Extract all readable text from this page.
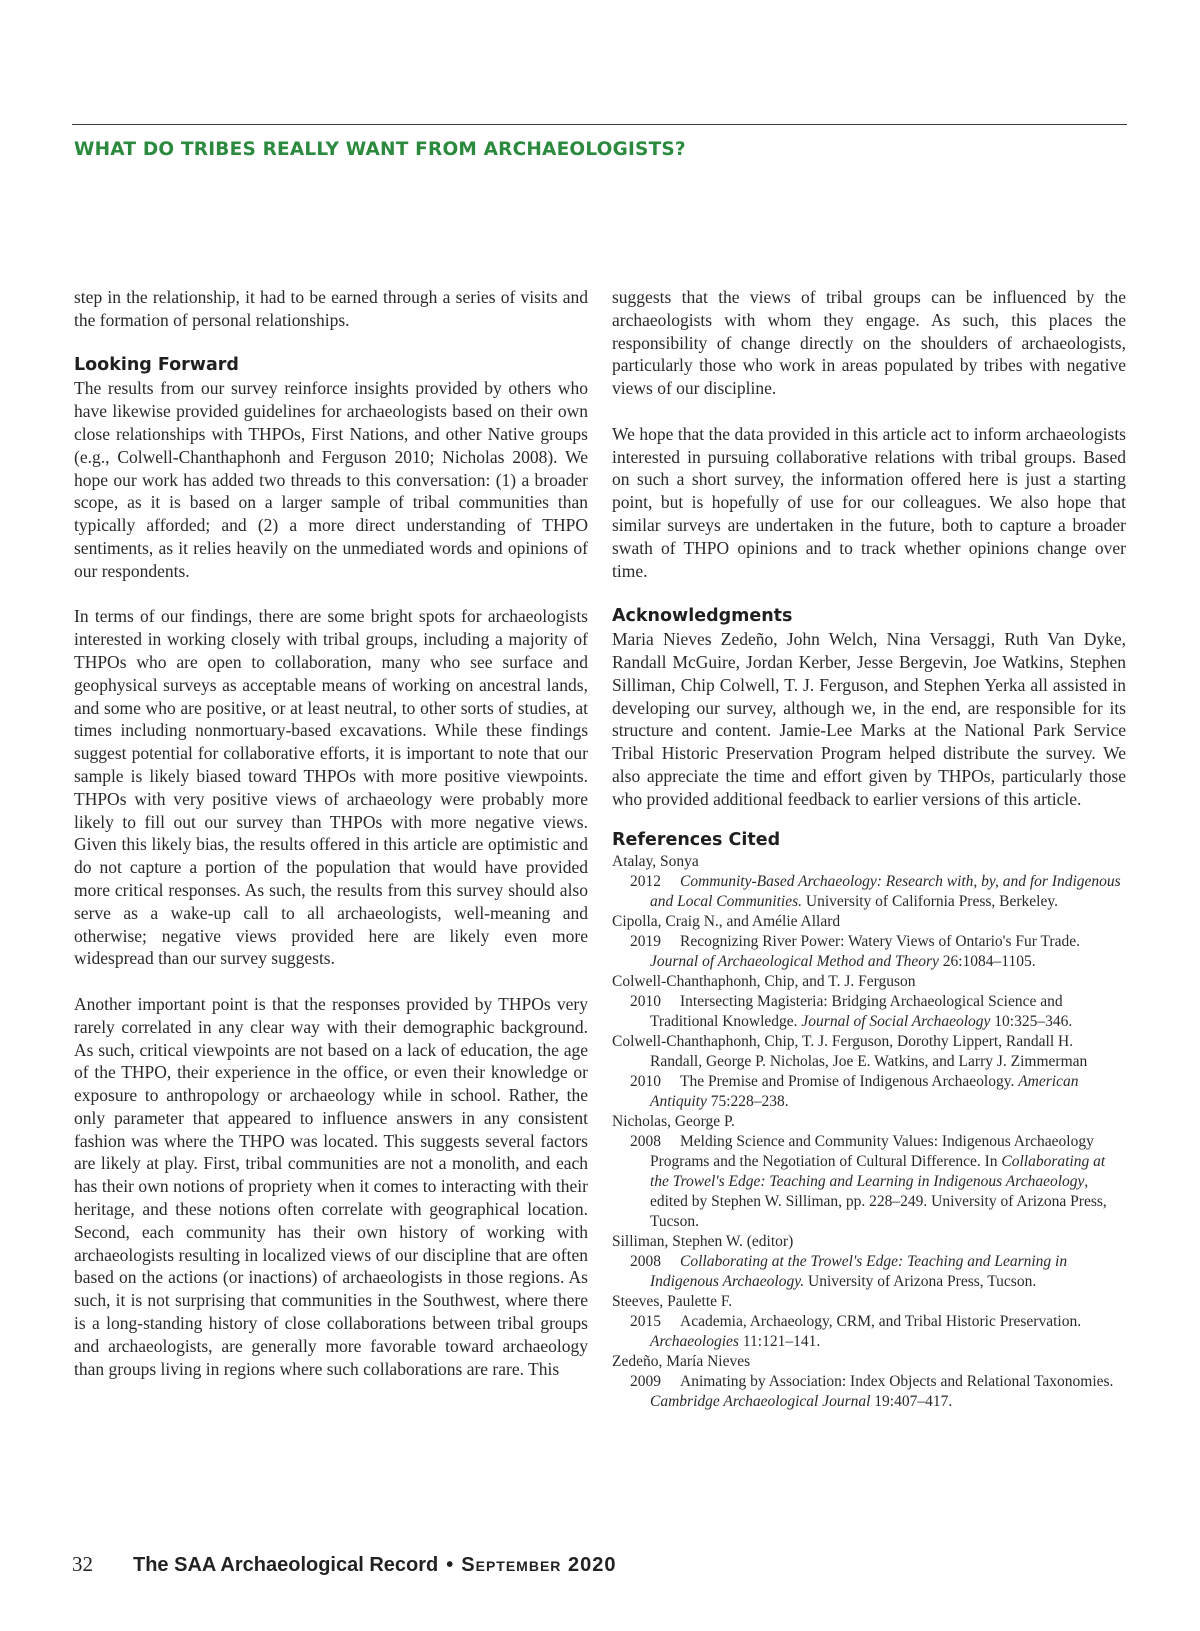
WHAT DO TRIBES REALLY WANT FROM ARCHAEOLOGISTS?

step in the relationship, it had to be earned through a series of visits and the formation of personal relationships.

Looking Forward

The results from our survey reinforce insights provided by others who have likewise provided guidelines for archaeologists based on their own close relationships with THPOs, First Nations, and other Native groups (e.g., Colwell-Chanthaphonh and Ferguson 2010; Nicholas 2008). We hope our work has added two threads to this conversation: (1) a broader scope, as it is based on a larger sample of tribal communities than typically afforded; and (2) a more direct understanding of THPO sentiments, as it relies heavily on the unmediated words and opinions of our respondents.

In terms of our findings, there are some bright spots for archaeologists interested in working closely with tribal groups, including a majority of THPOs who are open to collaboration, many who see surface and geophysical surveys as acceptable means of working on ancestral lands, and some who are positive, or at least neutral, to other sorts of studies, at times including nonmortuary-based excavations. While these findings suggest potential for collaborative efforts, it is important to note that our sample is likely biased toward THPOs with more positive viewpoints. THPOs with very positive views of archaeology were probably more likely to fill out our survey than THPOs with more negative views. Given this likely bias, the results offered in this article are optimistic and do not capture a portion of the population that would have provided more critical responses. As such, the results from this survey should also serve as a wake-up call to all archaeologists, well-meaning and otherwise; negative views provided here are likely even more widespread than our survey suggests.

Another important point is that the responses provided by THPOs very rarely correlated in any clear way with their demographic background. As such, critical viewpoints are not based on a lack of education, the age of the THPO, their experience in the office, or even their knowledge or exposure to anthropology or archaeology while in school. Rather, the only parameter that appeared to influence answers in any consistent fashion was where the THPO was located. This suggests several factors are likely at play. First, tribal communities are not a monolith, and each has their own notions of propriety when it comes to interacting with their heritage, and these notions often correlate with geographical location. Second, each community has their own history of working with archaeologists resulting in localized views of our discipline that are often based on the actions (or inactions) of archaeologists in those regions. As such, it is not surprising that communities in the Southwest, where there is a long-standing history of close collaborations between tribal groups and archaeologists, are generally more favorable toward archaeology than groups living in regions where such collaborations are rare. This

suggests that the views of tribal groups can be influenced by the archaeologists with whom they engage. As such, this places the responsibility of change directly on the shoulders of archaeologists, particularly those who work in areas populated by tribes with negative views of our discipline.

We hope that the data provided in this article act to inform archaeologists interested in pursuing collaborative relations with tribal groups. Based on such a short survey, the information offered here is just a starting point, but is hopefully of use for our colleagues. We also hope that similar surveys are undertaken in the future, both to capture a broader swath of THPO opinions and to track whether opinions change over time.

Acknowledgments

Maria Nieves Zedeño, John Welch, Nina Versaggi, Ruth Van Dyke, Randall McGuire, Jordan Kerber, Jesse Bergevin, Joe Watkins, Stephen Silliman, Chip Colwell, T. J. Ferguson, and Stephen Yerka all assisted in developing our survey, although we, in the end, are responsible for its structure and content. Jamie-Lee Marks at the National Park Service Tribal Historic Preservation Program helped distribute the survey. We also appreciate the time and effort given by THPOs, particularly those who provided additional feedback to earlier versions of this article.

References Cited
Atalay, Sonya
2012 Community-Based Archaeology: Research with, by, and for Indigenous and Local Communities. University of California Press, Berkeley.
Cipolla, Craig N., and Amélie Allard
2019 Recognizing River Power: Watery Views of Ontario's Fur Trade. Journal of Archaeological Method and Theory 26:1084–1105.
Colwell-Chanthaphonh, Chip, and T. J. Ferguson
2010 Intersecting Magisteria: Bridging Archaeological Science and Traditional Knowledge. Journal of Social Archaeology 10:325–346.
Colwell-Chanthaphonh, Chip, T. J. Ferguson, Dorothy Lippert, Randall H.
Randall, George P. Nicholas, Joe E. Watkins, and Larry J. Zimmerman
2010 The Premise and Promise of Indigenous Archaeology. American Antiquity 75:228–238.
Nicholas, George P.
2008 Melding Science and Community Values: Indigenous Archaeology Programs and the Negotiation of Cultural Difference. In Collaborating at the Trowel's Edge: Teaching and Learning in Indigenous Archaeology, edited by Stephen W. Silliman, pp. 228–249. University of Arizona Press, Tucson.
Silliman, Stephen W. (editor)
2008 Collaborating at the Trowel's Edge: Teaching and Learning in Indigenous Archaeology. University of Arizona Press, Tucson.
Steeves, Paulette F.
2015 Academia, Archaeology, CRM, and Tribal Historic Preservation. Archaeologies 11:121–141.
Zedeño, María Nieves
2009 Animating by Association: Index Objects and Relational Taxonomies. Cambridge Archaeological Journal 19:407–417.
32 The SAA Archaeological Record • September 2020
